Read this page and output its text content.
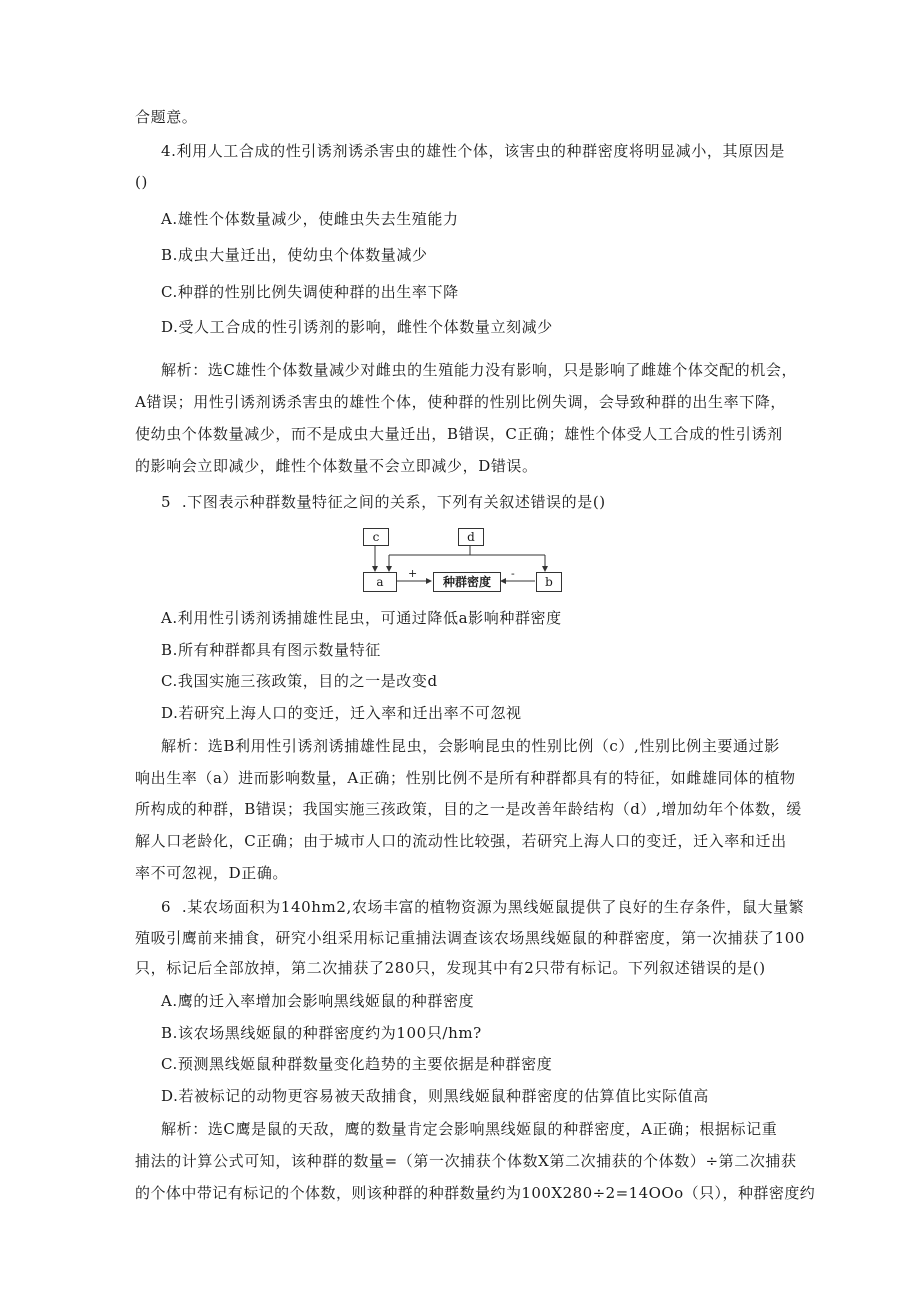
合题意。
4.利用人工合成的性引诱剂诱杀害虫的雄性个体，该害虫的种群密度将明显减小，其原因是
()
A.雄性个体数量减少，使雌虫失去生殖能力
B.成虫大量迁出，使幼虫个体数量减少
C.种群的性别比例失调使种群的出生率下降
D.受人工合成的性引诱剂的影响，雌性个体数量立刻减少
解析：选C雄性个体数量减少对雌虫的生殖能力没有影响，只是影响了雌雄个体交配的机会，
A错误；用性引诱剂诱杀害虫的雄性个体，使种群的性别比例失调，会导致种群的出生率下降，
使幼虫个体数量减少，而不是成虫大量迁出，B错误，C正确；雄性个体受人工合成的性引诱剂
的影响会立即减少，雌性个体数量不会立即减少，D错误。
5  .下图表示种群数量特征之间的关系，下列有关叙述错误的是()
c	d
a	种群密度	b
+	-
A.利用性引诱剂诱捕雄性昆虫，可通过降低a影响种群密度
B.所有种群都具有图示数量特征
C.我国实施三孩政策，目的之一是改变d
D.若研究上海人口的变迁，迁入率和迁出率不可忽视
解析：选B利用性引诱剂诱捕雄性昆虫，会影响昆虫的性别比例（c）,性别比例主要通过影
响出生率（a）进而影响数量，A正确；性别比例不是所有种群都具有的特征，如雌雄同体的植物
所构成的种群，B错误；我国实施三孩政策，目的之一是改善年龄结构（d）,增加幼年个体数，缓
解人口老龄化，C正确；由于城市人口的流动性比较强，若研究上海人口的变迁，迁入率和迁出
率不可忽视，D正确。
6  .某农场面积为140hm2,农场丰富的植物资源为黑线姬鼠提供了良好的生存条件，鼠大量繁
殖吸引鹰前来捕食，研究小组采用标记重捕法调查该农场黑线姬鼠的种群密度，第一次捕获了100
只，标记后全部放掉，第二次捕获了280只，发现其中有2只带有标记。下列叙述错误的是()
A.鹰的迁入率增加会影响黑线姬鼠的种群密度
B.该农场黑线姬鼠的种群密度约为100只/hm?
C.预测黑线姬鼠种群数量变化趋势的主要依据是种群密度
D.若被标记的动物更容易被天敌捕食，则黑线姬鼠种群密度的估算值比实际值高
解析：选C鹰是鼠的天敌，鹰的数量肯定会影响黑线姬鼠的种群密度，A正确；根据标记重
捕法的计算公式可知，该种群的数量=（第一次捕获个体数X第二次捕获的个体数）÷第二次捕获
的个体中带记有标记的个体数，则该种群的种群数量约为100X280÷2=14OOo（只），种群密度约
